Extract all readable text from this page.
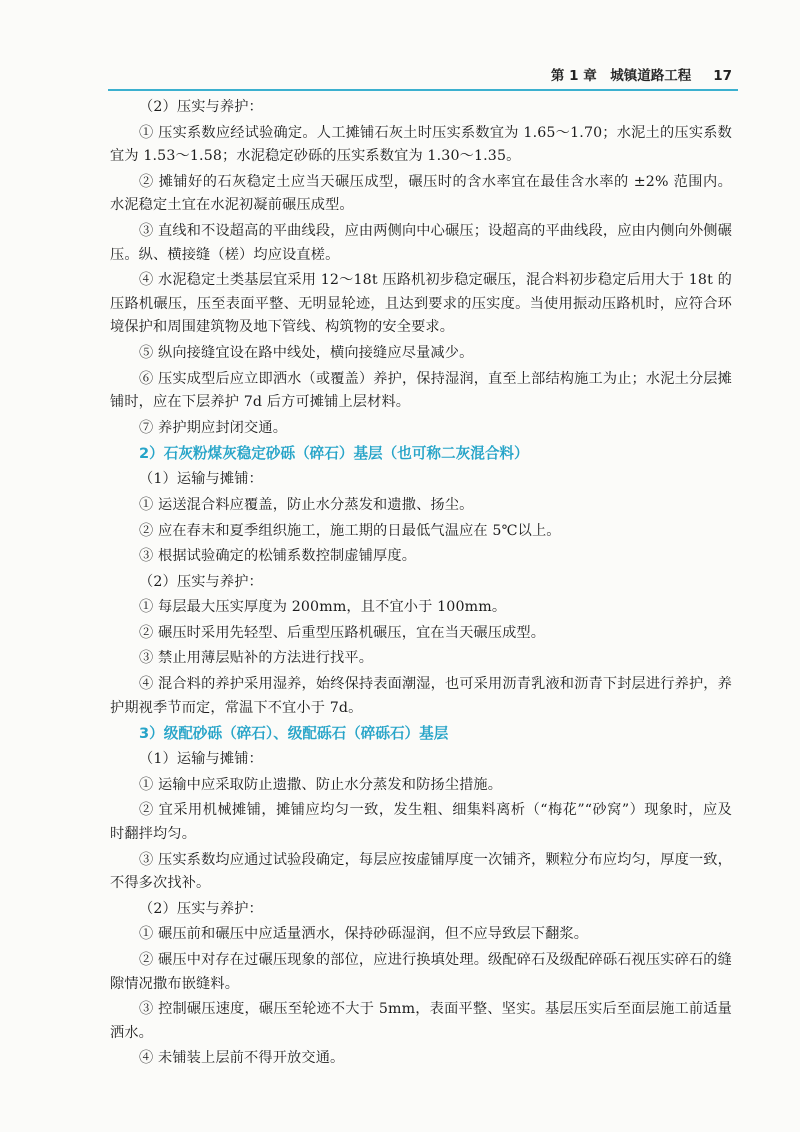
第 1 章　城镇道路工程 17
（2）压实与养护：
① 压实系数应经试验确定。人工摊铺石灰土时压实系数宜为 1.65～1.70；水泥土的压实系数宜为 1.53～1.58；水泥稳定砂砾的压实系数宜为 1.30～1.35。
② 摊铺好的石灰稳定土应当天碾压成型，碾压时的含水率宜在最佳含水率的 ±2% 范围内。水泥稳定土宜在水泥初凝前碾压成型。
③ 直线和不设超高的平曲线段，应由两侧向中心碾压；设超高的平曲线段，应由内侧向外侧碾压。纵、横接缝（槎）均应设直槎。
④ 水泥稳定土类基层宜采用 12～18t 压路机初步稳定碾压，混合料初步稳定后用大于 18t 的压路机碾压，压至表面平整、无明显轮迹，且达到要求的压实度。当使用振动压路机时，应符合环境保护和周围建筑物及地下管线、构筑物的安全要求。
⑤ 纵向接缝宜设在路中线处，横向接缝应尽量减少。
⑥ 压实成型后应立即洒水（或覆盖）养护，保持湿润，直至上部结构施工为止；水泥土分层摊铺时，应在下层养护 7d 后方可摊铺上层材料。
⑦ 养护期应封闭交通。
2）石灰粉煤灰稳定砂砾（碎石）基层（也可称二灰混合料）
（1）运输与摊铺：
① 运送混合料应覆盖，防止水分蒸发和遗撒、扬尘。
② 应在春末和夏季组织施工，施工期的日最低气温应在 5℃以上。
③ 根据试验确定的松铺系数控制虚铺厚度。
（2）压实与养护：
① 每层最大压实厚度为 200mm，且不宜小于 100mm。
② 碾压时采用先轻型、后重型压路机碾压，宜在当天碾压成型。
③ 禁止用薄层贴补的方法进行找平。
④ 混合料的养护采用湿养，始终保持表面潮湿，也可采用沥青乳液和沥青下封层进行养护，养护期视季节而定，常温下不宜小于 7d。
3）级配砂砾（碎石）、级配砾石（碎砾石）基层
（1）运输与摊铺：
① 运输中应采取防止遗撒、防止水分蒸发和防扬尘措施。
② 宜采用机械摊铺，摊铺应均匀一致，发生粗、细集料离析（“梅花”“砂窝”）现象时，应及时翻拌均匀。
③ 压实系数均应通过试验段确定，每层应按虚铺厚度一次铺齐，颗粒分布应均匀，厚度一致，不得多次找补。
（2）压实与养护：
① 碾压前和碾压中应适量洒水，保持砂砾湿润，但不应导致层下翻浆。
② 碾压中对存在过碾压现象的部位，应进行换填处理。级配碎石及级配碎砾石视压实碎石的缝隙情况撒布嵌缝料。
③ 控制碾压速度，碾压至轮迹不大于 5mm，表面平整、坚实。基层压实后至面层施工前适量洒水。
④ 未铺装上层前不得开放交通。
